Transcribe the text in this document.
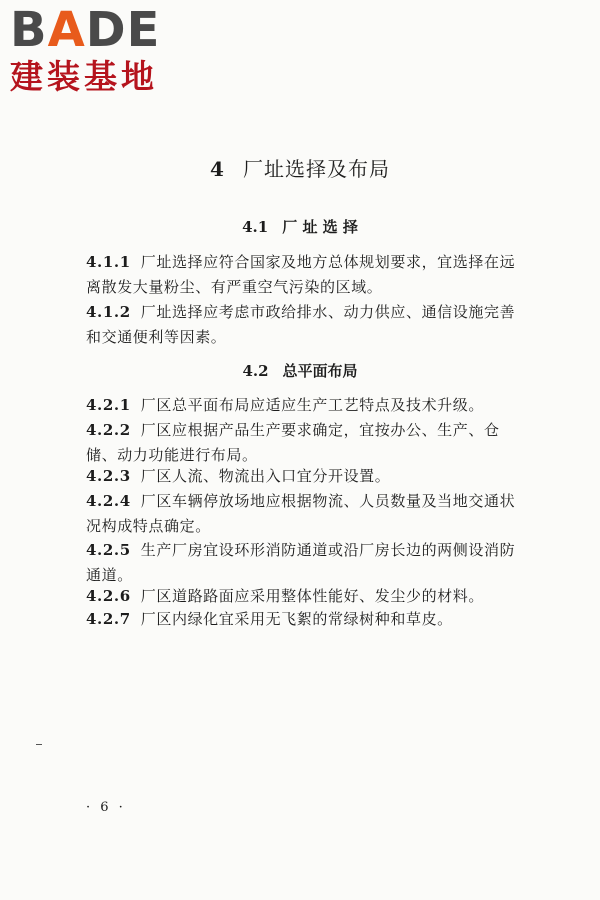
BADE
建装基地
4 厂址选择及布局
4.1 厂 址 选 择
4.1.1 厂址选择应符合国家及地方总体规划要求，宜选择在远离散发大量粉尘、有严重空气污染的区域。
4.1.2 厂址选择应考虑市政给排水、动力供应、通信设施完善和交通便利等因素。
4.2 总平面布局
4.2.1 厂区总平面布局应适应生产工艺特点及技术升级。
4.2.2 厂区应根据产品生产要求确定，宜按办公、生产、仓储、动力功能进行布局。
4.2.3 厂区人流、物流出入口宜分开设置。
4.2.4 厂区车辆停放场地应根据物流、人员数量及当地交通状况构成特点确定。
4.2.5 生产厂房宜设环形消防通道或沿厂房长边的两侧设消防通道。
4.2.6 厂区道路路面应采用整体性能好、发尘少的材料。
4.2.7 厂区内绿化宜采用无飞絮的常绿树种和草皮。
· 6 ·
